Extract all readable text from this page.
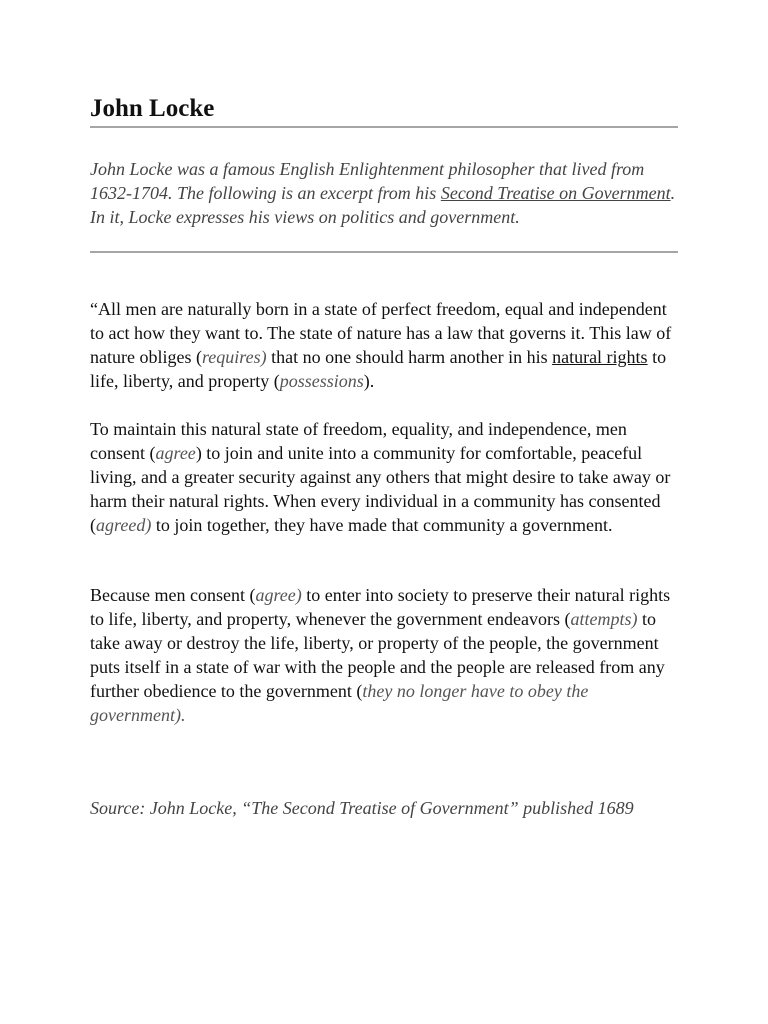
John Locke

John Locke was a famous English Enlightenment philosopher that lived from 1632-1704. The following is an excerpt from his Second Treatise on Government. In it, Locke expresses his views on politics and government.

“All men are naturally born in a state of perfect freedom, equal and independent to act how they want to. The state of nature has a law that governs it. This law of nature obliges (requires) that no one should harm another in his natural rights to life, liberty, and property (possessions).

To maintain this natural state of freedom, equality, and independence, men consent (agree) to join and unite into a community for comfortable, peaceful living, and a greater security against any others that might desire to take away or harm their natural rights. When every individual in a community has consented (agreed) to join together, they have made that community a government.

Because men consent (agree) to enter into society to preserve their natural rights to life, liberty, and property, whenever the government endeavors (attempts) to take away or destroy the life, liberty, or property of the people, the government puts itself in a state of war with the people and the people are released from any further obedience to the government (they no longer have to obey the government).

Source: John Locke, “The Second Treatise of Government” published 1689
